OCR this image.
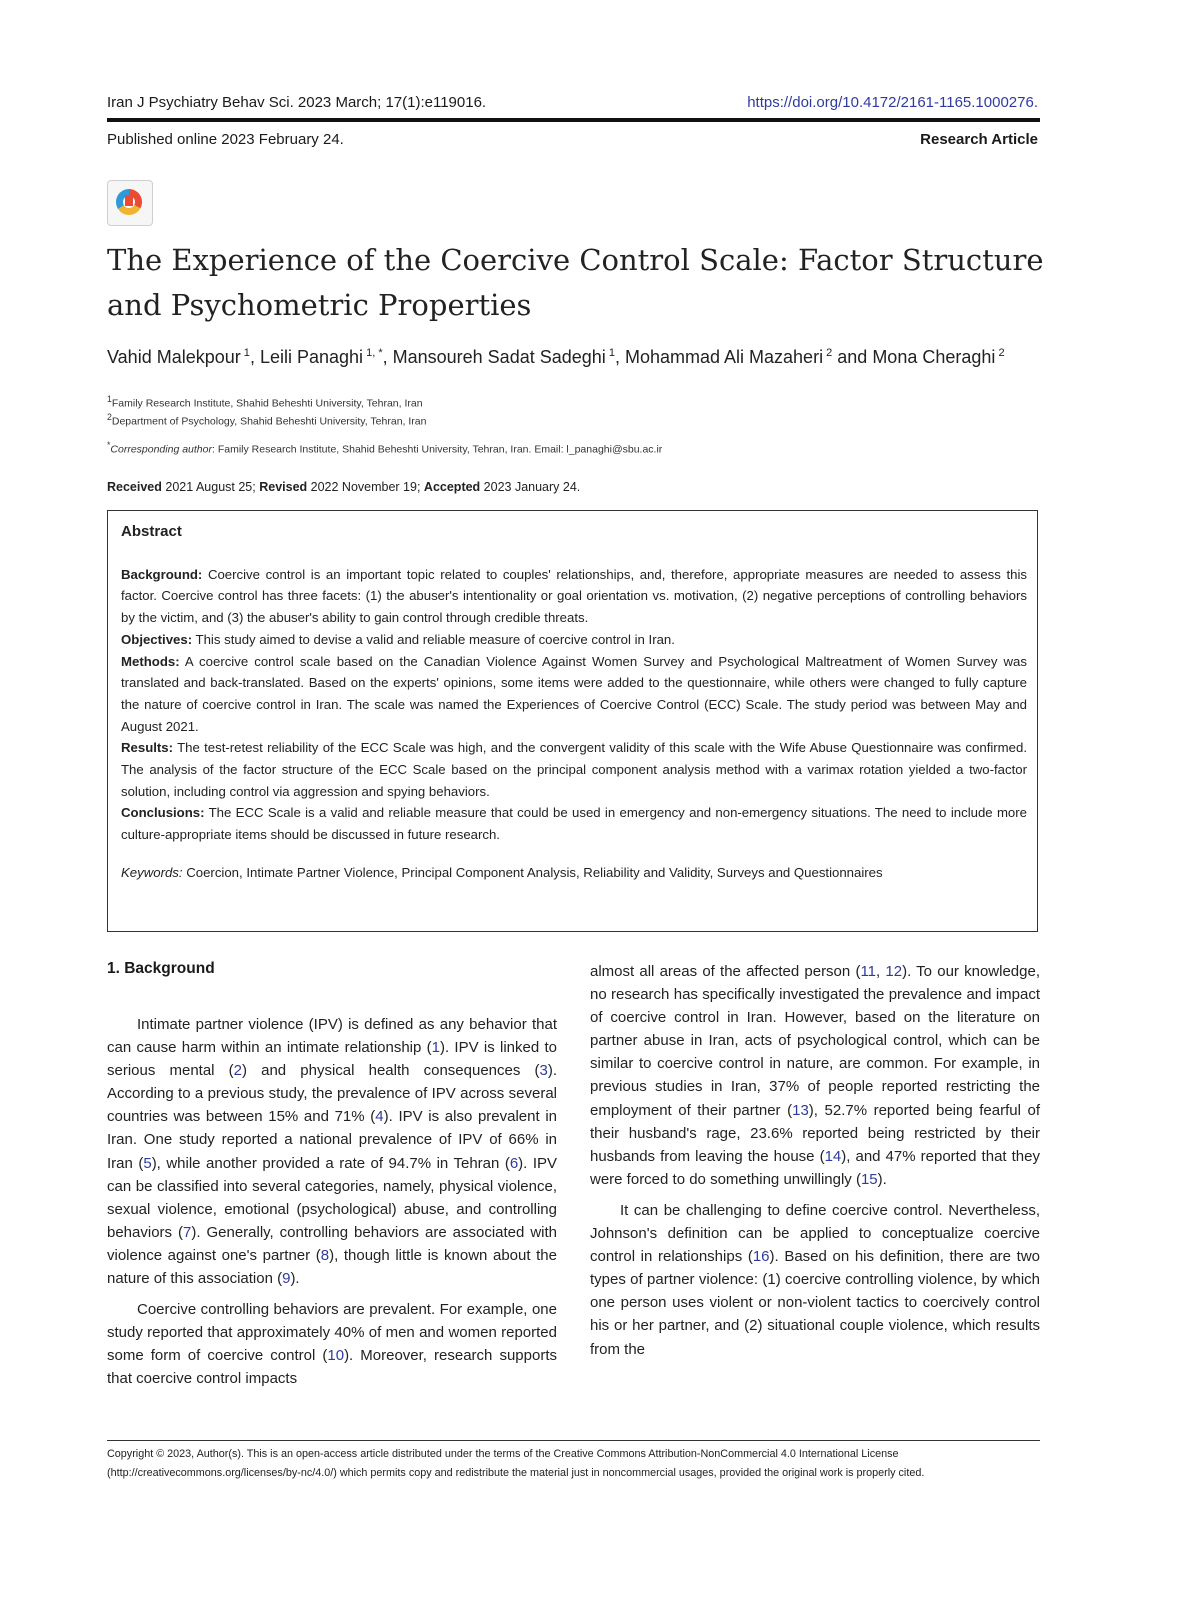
Iran J Psychiatry Behav Sci. 2023 March; 17(1):e119016.	https://doi.org/10.4172/2161-1165.1000276.
Published online 2023 February 24.	Research Article
The Experience of the Coercive Control Scale: Factor Structure and Psychometric Properties
Vahid Malekpour $^1$, Leili Panaghi $^{1, *}$, Mansoureh Sadat Sadeghi $^1$, Mohammad Ali Mazaheri $^2$ and Mona Cheraghi $^2$
$^1$Family Research Institute, Shahid Beheshti University, Tehran, Iran
$^2$Department of Psychology, Shahid Beheshti University, Tehran, Iran
*Corresponding author: Family Research Institute, Shahid Beheshti University, Tehran, Iran. Email: l_panaghi@sbu.ac.ir
Received 2021 August 25; Revised 2022 November 19; Accepted 2023 January 24.
Abstract

Background: Coercive control is an important topic related to couples' relationships, and, therefore, appropriate measures are needed to assess this factor. Coercive control has three facets: (1) the abuser's intentionality or goal orientation vs. motivation, (2) negative perceptions of controlling behaviors by the victim, and (3) the abuser's ability to gain control through credible threats.

Objectives: This study aimed to devise a valid and reliable measure of coercive control in Iran.

Methods: A coercive control scale based on the Canadian Violence Against Women Survey and Psychological Maltreatment of Women Survey was translated and back-translated. Based on the experts' opinions, some items were added to the questionnaire, while others were changed to fully capture the nature of coercive control in Iran. The scale was named the Experiences of Coercive Control (ECC) Scale. The study period was between May and August 2021.

Results: The test-retest reliability of the ECC Scale was high, and the convergent validity of this scale with the Wife Abuse Questionnaire was confirmed. The analysis of the factor structure of the ECC Scale based on the principal component analysis method with a varimax rotation yielded a two-factor solution, including control via aggression and spying behaviors.

Conclusions: The ECC Scale is a valid and reliable measure that could be used in emergency and non-emergency situations. The need to include more culture-appropriate items should be discussed in future research.

Keywords: Coercion, Intimate Partner Violence, Principal Component Analysis, Reliability and Validity, Surveys and Questionnaires

1. Background

Intimate partner violence (IPV) is defined as any behavior that can cause harm within an intimate relationship (1). IPV is linked to serious mental (2) and physical health consequences (3). According to a previous study, the prevalence of IPV across several countries was between 15% and 71% (4). IPV is also prevalent in Iran. One study reported a national prevalence of IPV of 66% in Iran (5), while another provided a rate of 94.7% in Tehran (6). IPV can be classified into several categories, namely, physical violence, sexual violence, emotional (psychological) abuse, and controlling behaviors (7). Generally, controlling behaviors are associated with violence against one's partner (8), though little is known about the nature of this association (9).

Coercive controlling behaviors are prevalent. For example, one study reported that approximately 40% of men and women reported some form of coercive control (10). Moreover, research supports that coercive control impacts

almost all areas of the affected person (11, 12). To our knowledge, no research has specifically investigated the prevalence and impact of coercive control in Iran. However, based on the literature on partner abuse in Iran, acts of psychological control, which can be similar to coercive control in nature, are common. For example, in previous studies in Iran, 37% of people reported restricting the employment of their partner (13), 52.7% reported being fearful of their husband's rage, 23.6% reported being restricted by their husbands from leaving the house (14), and 47% reported that they were forced to do something unwillingly (15).

It can be challenging to define coercive control. Nevertheless, Johnson's definition can be applied to conceptualize coercive control in relationships (16). Based on his definition, there are two types of partner violence: (1) coercive controlling violence, by which one person uses violent or non-violent tactics to coercively control his or her partner, and (2) situational couple violence, which results from the

Copyright © 2023, Author(s). This is an open-access article distributed under the terms of the Creative Commons Attribution-NonCommercial 4.0 International License (http://creativecommons.org/licenses/by-nc/4.0/) which permits copy and redistribute the material just in noncommercial usages, provided the original work is properly cited.
